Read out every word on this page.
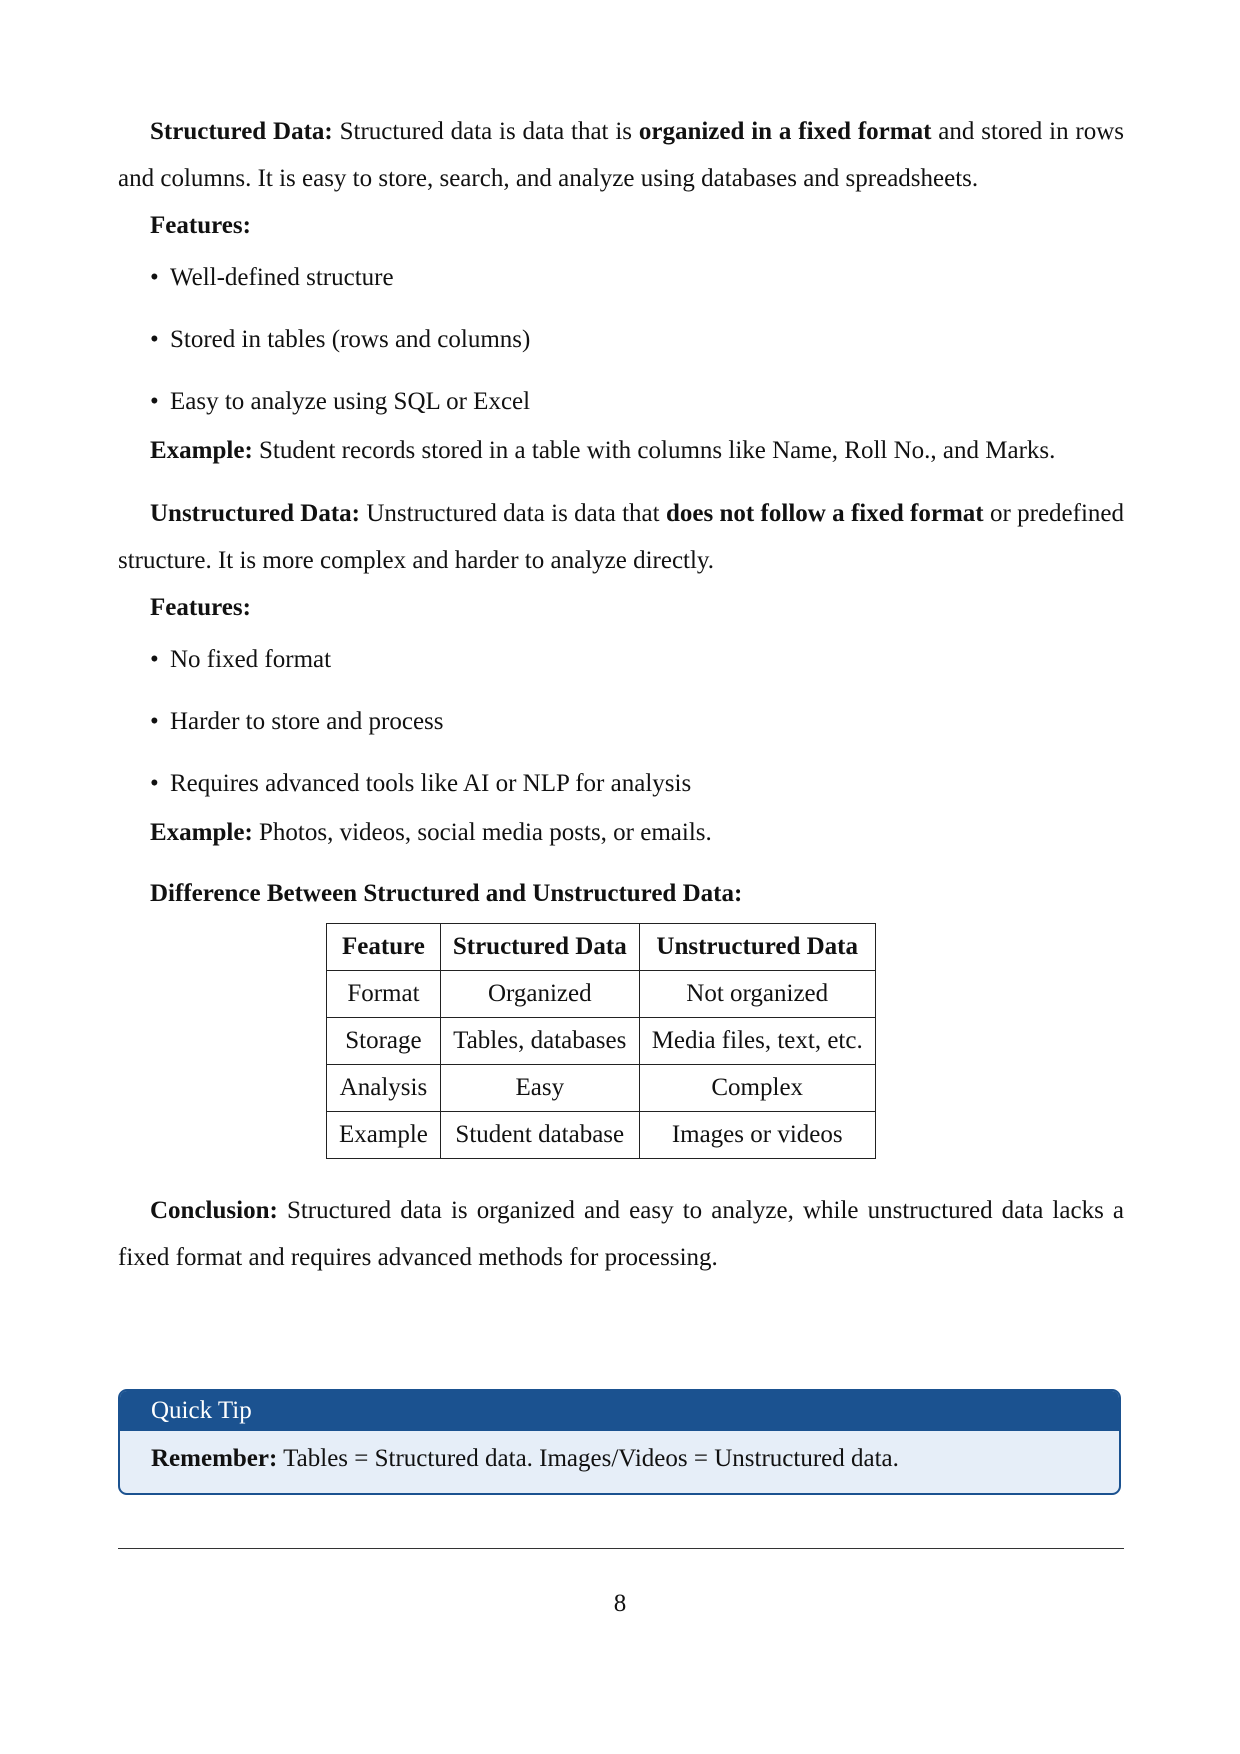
Structured Data: Structured data is data that is organized in a fixed format and stored in rows and columns. It is easy to store, search, and analyze using databases and spreadsheets.

Features:

• Well-defined structure
• Stored in tables (rows and columns)
• Easy to analyze using SQL or Excel

Example: Student records stored in a table with columns like Name, Roll No., and Marks.

Unstructured Data: Unstructured data is data that does not follow a fixed format or predefined structure. It is more complex and harder to analyze directly.

Features:

• No fixed format
• Harder to store and process
• Requires advanced tools like AI or NLP for analysis

Example: Photos, videos, social media posts, or emails.

Difference Between Structured and Unstructured Data:

Feature	Structured Data	Unstructured Data
Format	Organized	Not organized
Storage	Tables, databases	Media files, text, etc.
Analysis	Easy	Complex
Example	Student database	Images or videos

Conclusion: Structured data is organized and easy to analyze, while unstructured data lacks a fixed format and requires advanced methods for processing.

Quick Tip
Remember: Tables = Structured data. Images/Videos = Unstructured data.
8
